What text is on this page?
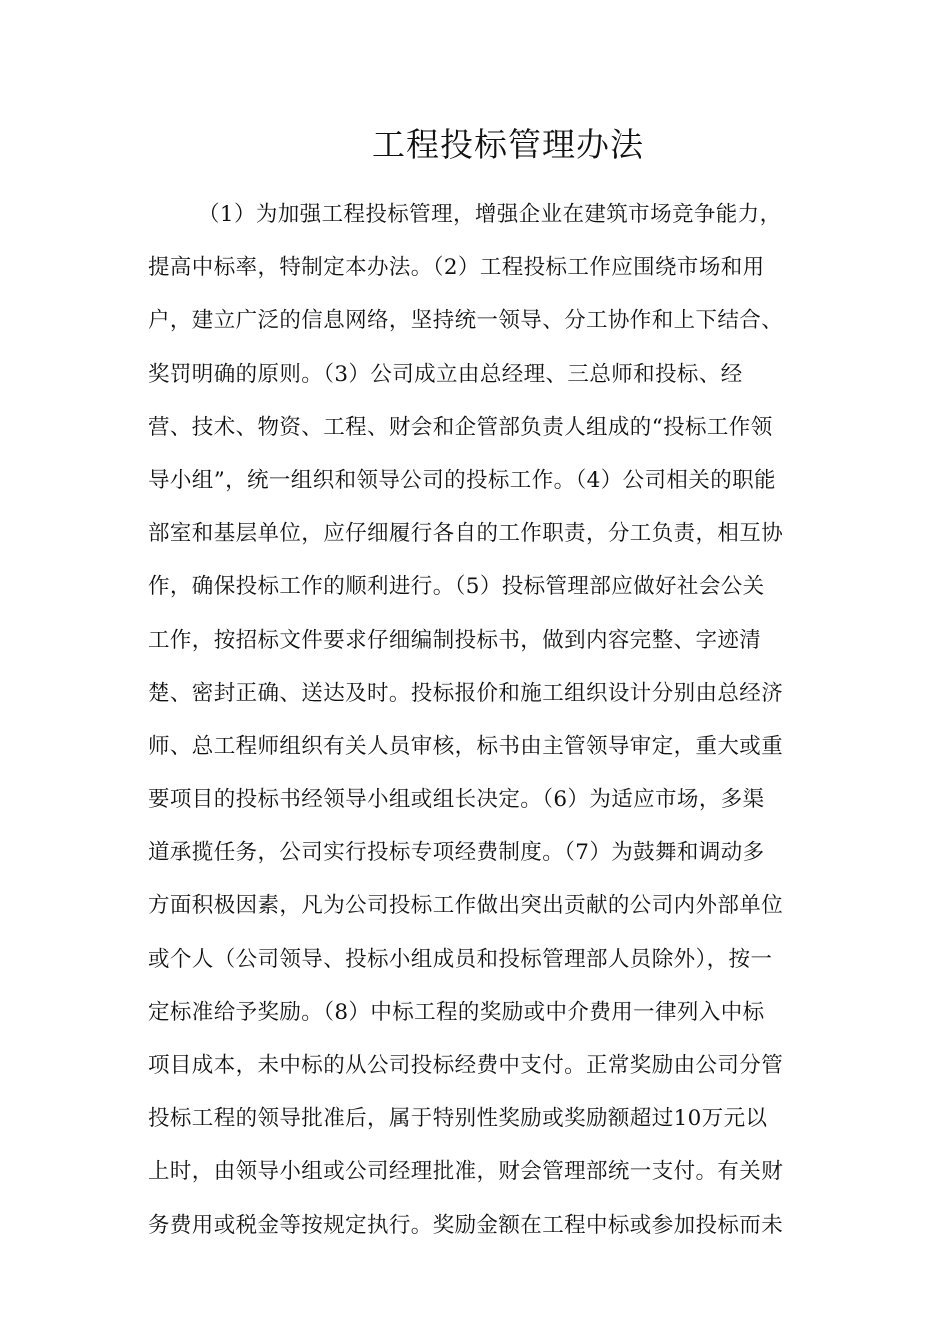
工程投标管理办法
（1）为加强工程投标管理，增强企业在建筑市场竞争能力，
提高中标率，特制定本办法。（2）工程投标工作应围绕市场和用
户，建立广泛的信息网络，坚持统一领导、分工协作和上下结合、
奖罚明确的原则。（3）公司成立由总经理、三总师和投标、经
营、技术、物资、工程、财会和企管部负责人组成的“投标工作领
导小组”，统一组织和领导公司的投标工作。（4）公司相关的职能
部室和基层单位，应仔细履行各自的工作职责，分工负责，相互协
作，确保投标工作的顺利进行。（5）投标管理部应做好社会公关
工作，按招标文件要求仔细编制投标书，做到内容完整、字迹清
楚、密封正确、送达及时。投标报价和施工组织设计分别由总经济
师、总工程师组织有关人员审核，标书由主管领导审定，重大或重
要项目的投标书经领导小组或组长决定。（6）为适应市场，多渠
道承揽任务，公司实行投标专项经费制度。（7）为鼓舞和调动多
方面积极因素，凡为公司投标工作做出突出贡献的公司内外部单位
或个人（公司领导、投标小组成员和投标管理部人员除外），按一
定标准给予奖励。（8）中标工程的奖励或中介费用一律列入中标
项目成本，未中标的从公司投标经费中支付。正常奖励由公司分管
投标工程的领导批准后，属于特别性奖励或奖励额超过10万元以
上时，由领导小组或公司经理批准，财会管理部统一支付。有关财
务费用或税金等按规定执行。奖励金额在工程中标或参加投标而未
